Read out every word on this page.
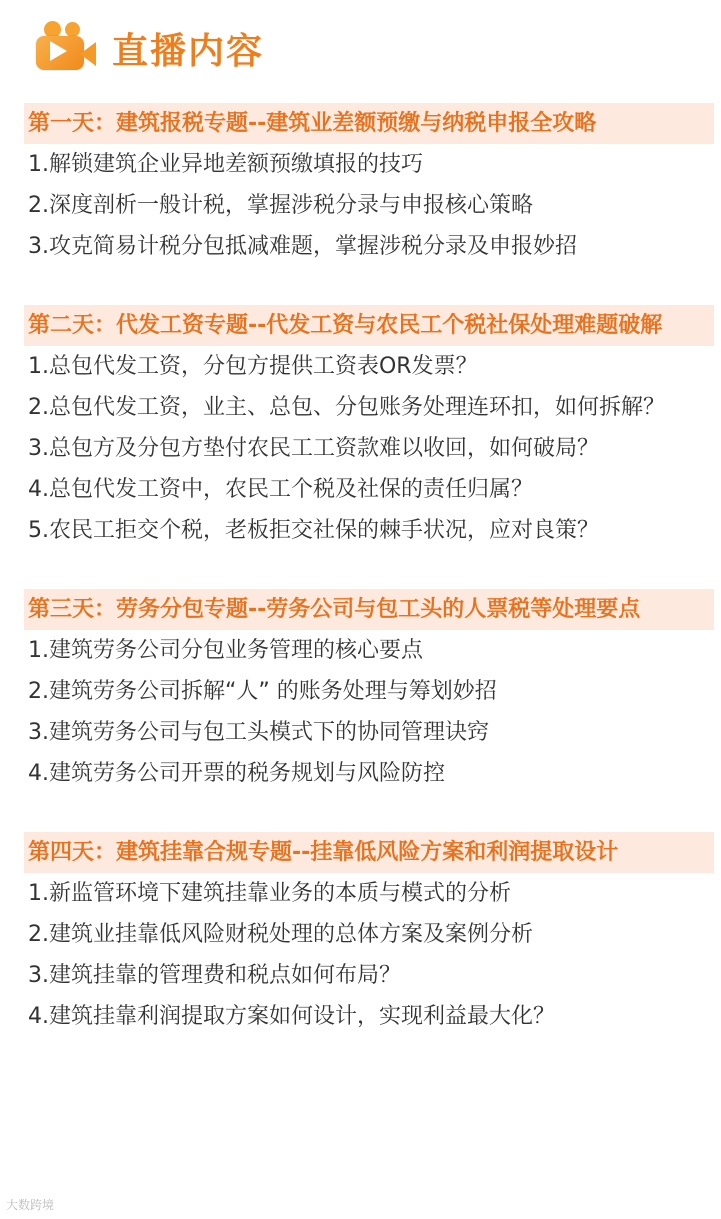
直播内容
第一天：建筑报税专题--建筑业差额预缴与纳税申报全攻略
1.解锁建筑企业异地差额预缴填报的技巧
2.深度剖析一般计税，掌握涉税分录与申报核心策略
3.攻克简易计税分包抵减难题，掌握涉税分录及申报妙招
第二天：代发工资专题--代发工资与农民工个税社保处理难题破解
1.总包代发工资，分包方提供工资表OR发票？
2.总包代发工资，业主、总包、分包账务处理连环扣，如何拆解？
3.总包方及分包方垫付农民工工资款难以收回，如何破局？
4.总包代发工资中，农民工个税及社保的责任归属？
5.农民工拒交个税，老板拒交社保的棘手状况，应对良策？
第三天：劳务分包专题--劳务公司与包工头的人票税等处理要点
1.建筑劳务公司分包业务管理的核心要点
2.建筑劳务公司拆解“人” 的账务处理与筹划妙招
3.建筑劳务公司与包工头模式下的协同管理诀窍
4.建筑劳务公司开票的税务规划与风险防控
第四天：建筑挂靠合规专题--挂靠低风险方案和利润提取设计
1.新监管环境下建筑挂靠业务的本质与模式的分析
2.建筑业挂靠低风险财税处理的总体方案及案例分析
3.建筑挂靠的管理费和税点如何布局？
4.建筑挂靠利润提取方案如何设计，实现利益最大化？
大数跨境
